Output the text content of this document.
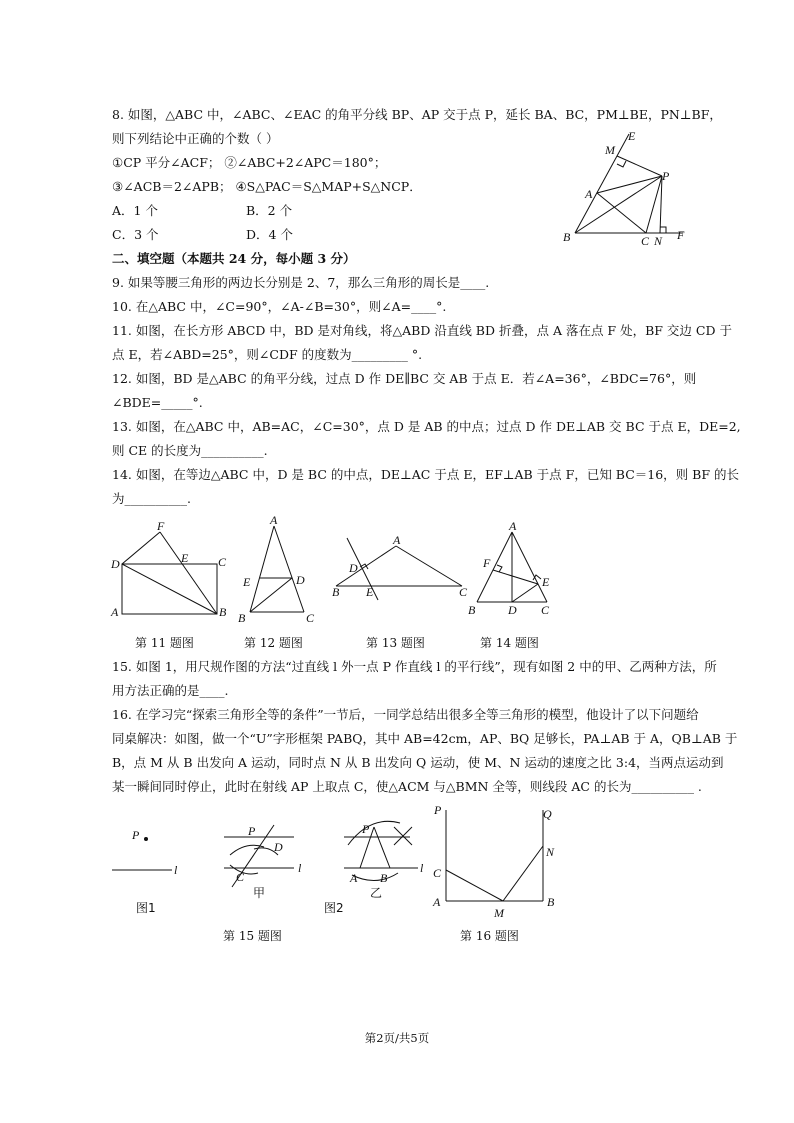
8. 如图，△ABC 中，∠ABC、∠EAC 的角平分线 BP、AP 交于点 P，延长 BA、BC，PM⊥BE，PN⊥BF，
则下列结论中正确的个数（ ）
①CP 平分∠ACF； ②∠ABC+2∠APC＝180°；
③∠ACB＝2∠APB； ④S△PAC＝S△MAP+S△NCP．
A．1 个	B．2 个
C．3 个	D．4 个
E
M
P
A
B	C N F
二、填空题（本题共 24 分，每小题 3 分）
9. 如果等腰三角形的两边长分别是 2、7，那么三角形的周长是____.
10. 在△ABC 中，∠C=90°，∠A-∠B=30°，则∠A=____°.
11. 如图，在长方形 ABCD 中，BD 是对角线，将△ABD 沿直线 BD 折叠，点 A 落在点 F 处，BF 交边 CD 于
点 E，若∠ABD=25°，则∠CDF 的度数为_________ °.
12. 如图，BD 是△ABC 的角平分线，过点 D 作 DE∥BC 交 AB 于点 E．若∠A=36°，∠BDC=76°，则
∠BDE=_____°.
13. 如图，在△ABC 中，AB=AC，∠C=30°，点 D 是 AB 的中点；过点 D 作 DE⊥AB 交 BC 于点 E，DE=2,
则 CE 的长度为__________.
14. 如图，在等边△ABC 中，D 是 BC 的中点，DE⊥AC 于点 E，EF⊥AB 于点 F，已知 BC＝16，则 BF 的长
为__________.
F
E C
D
A	B
第 11 题图
A
E	D
B	C
第 12 题图
A
D
B E	C
第 13 题图
A
F
E
B	D C
第 14 题图
15. 如图 1，用尺规作图的方法“过直线 l 外一点 P 作直线 l 的平行线”，现有如图 2 中的甲、乙两种方法，所
用方法正确的是____.
16. 在学习完“探索三角形全等的条件”一节后，一同学总结出很多全等三角形的模型，他设计了以下问题给
同桌解决：如图，做一个“U”字形框架 PABQ，其中 AB=42cm，AP、BQ 足够长，PA⊥AB 于 A，QB⊥AB 于
B，点 M 从 B 出发向 A 运动，同时点 N 从 B 出发向 Q 运动，使 M、N 运动的速度之比 3:4，当两点运动到
某一瞬间同时停止，此时在射线 AP 上取点 C，使△ACM 与△BMN 全等，则线段 AC 的长为__________ .
P
l
图1
P
D
C
l
甲
P
A B
l
乙
图2
第 15 题图
P	Q
N
C
A
M
B
第 16 题图
第2页/共5页
